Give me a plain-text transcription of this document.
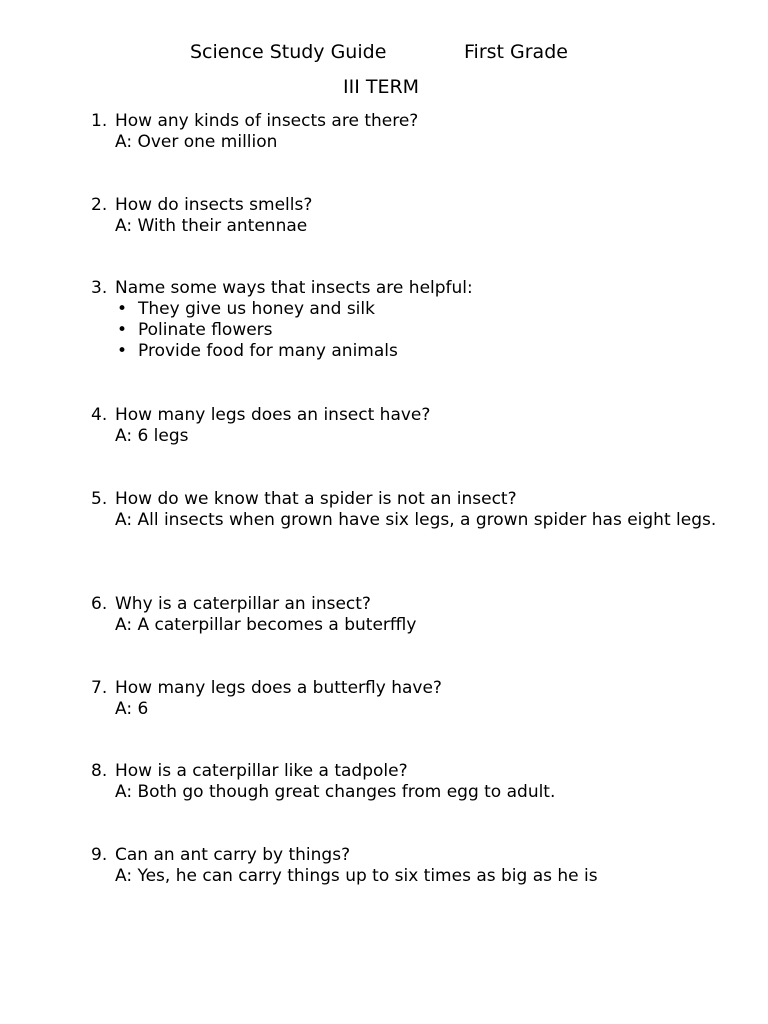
Science Study Guide	First Grade
III TERM
1. How any kinds of insects are there?
A: Over one million
2. How do insects smells?
A: With their antennae
3. Name some ways that insects are helpful:
• They give us honey and silk
• Polinate flowers
• Provide food for many animals
4. How many legs does an insect have?
A: 6 legs
5. How do we know that a spider is not an insect?
A: All insects when grown have six legs, a grown spider has eight legs.
6. Why is a caterpillar an insect?
A: A caterpillar becomes a buterffly
7. How many legs does a butterfly have?
A: 6
8. How is a caterpillar like a tadpole?
A: Both go though great changes from egg to adult.
9. Can an ant carry by things?
A: Yes, he can carry things up to six times as big as he is
